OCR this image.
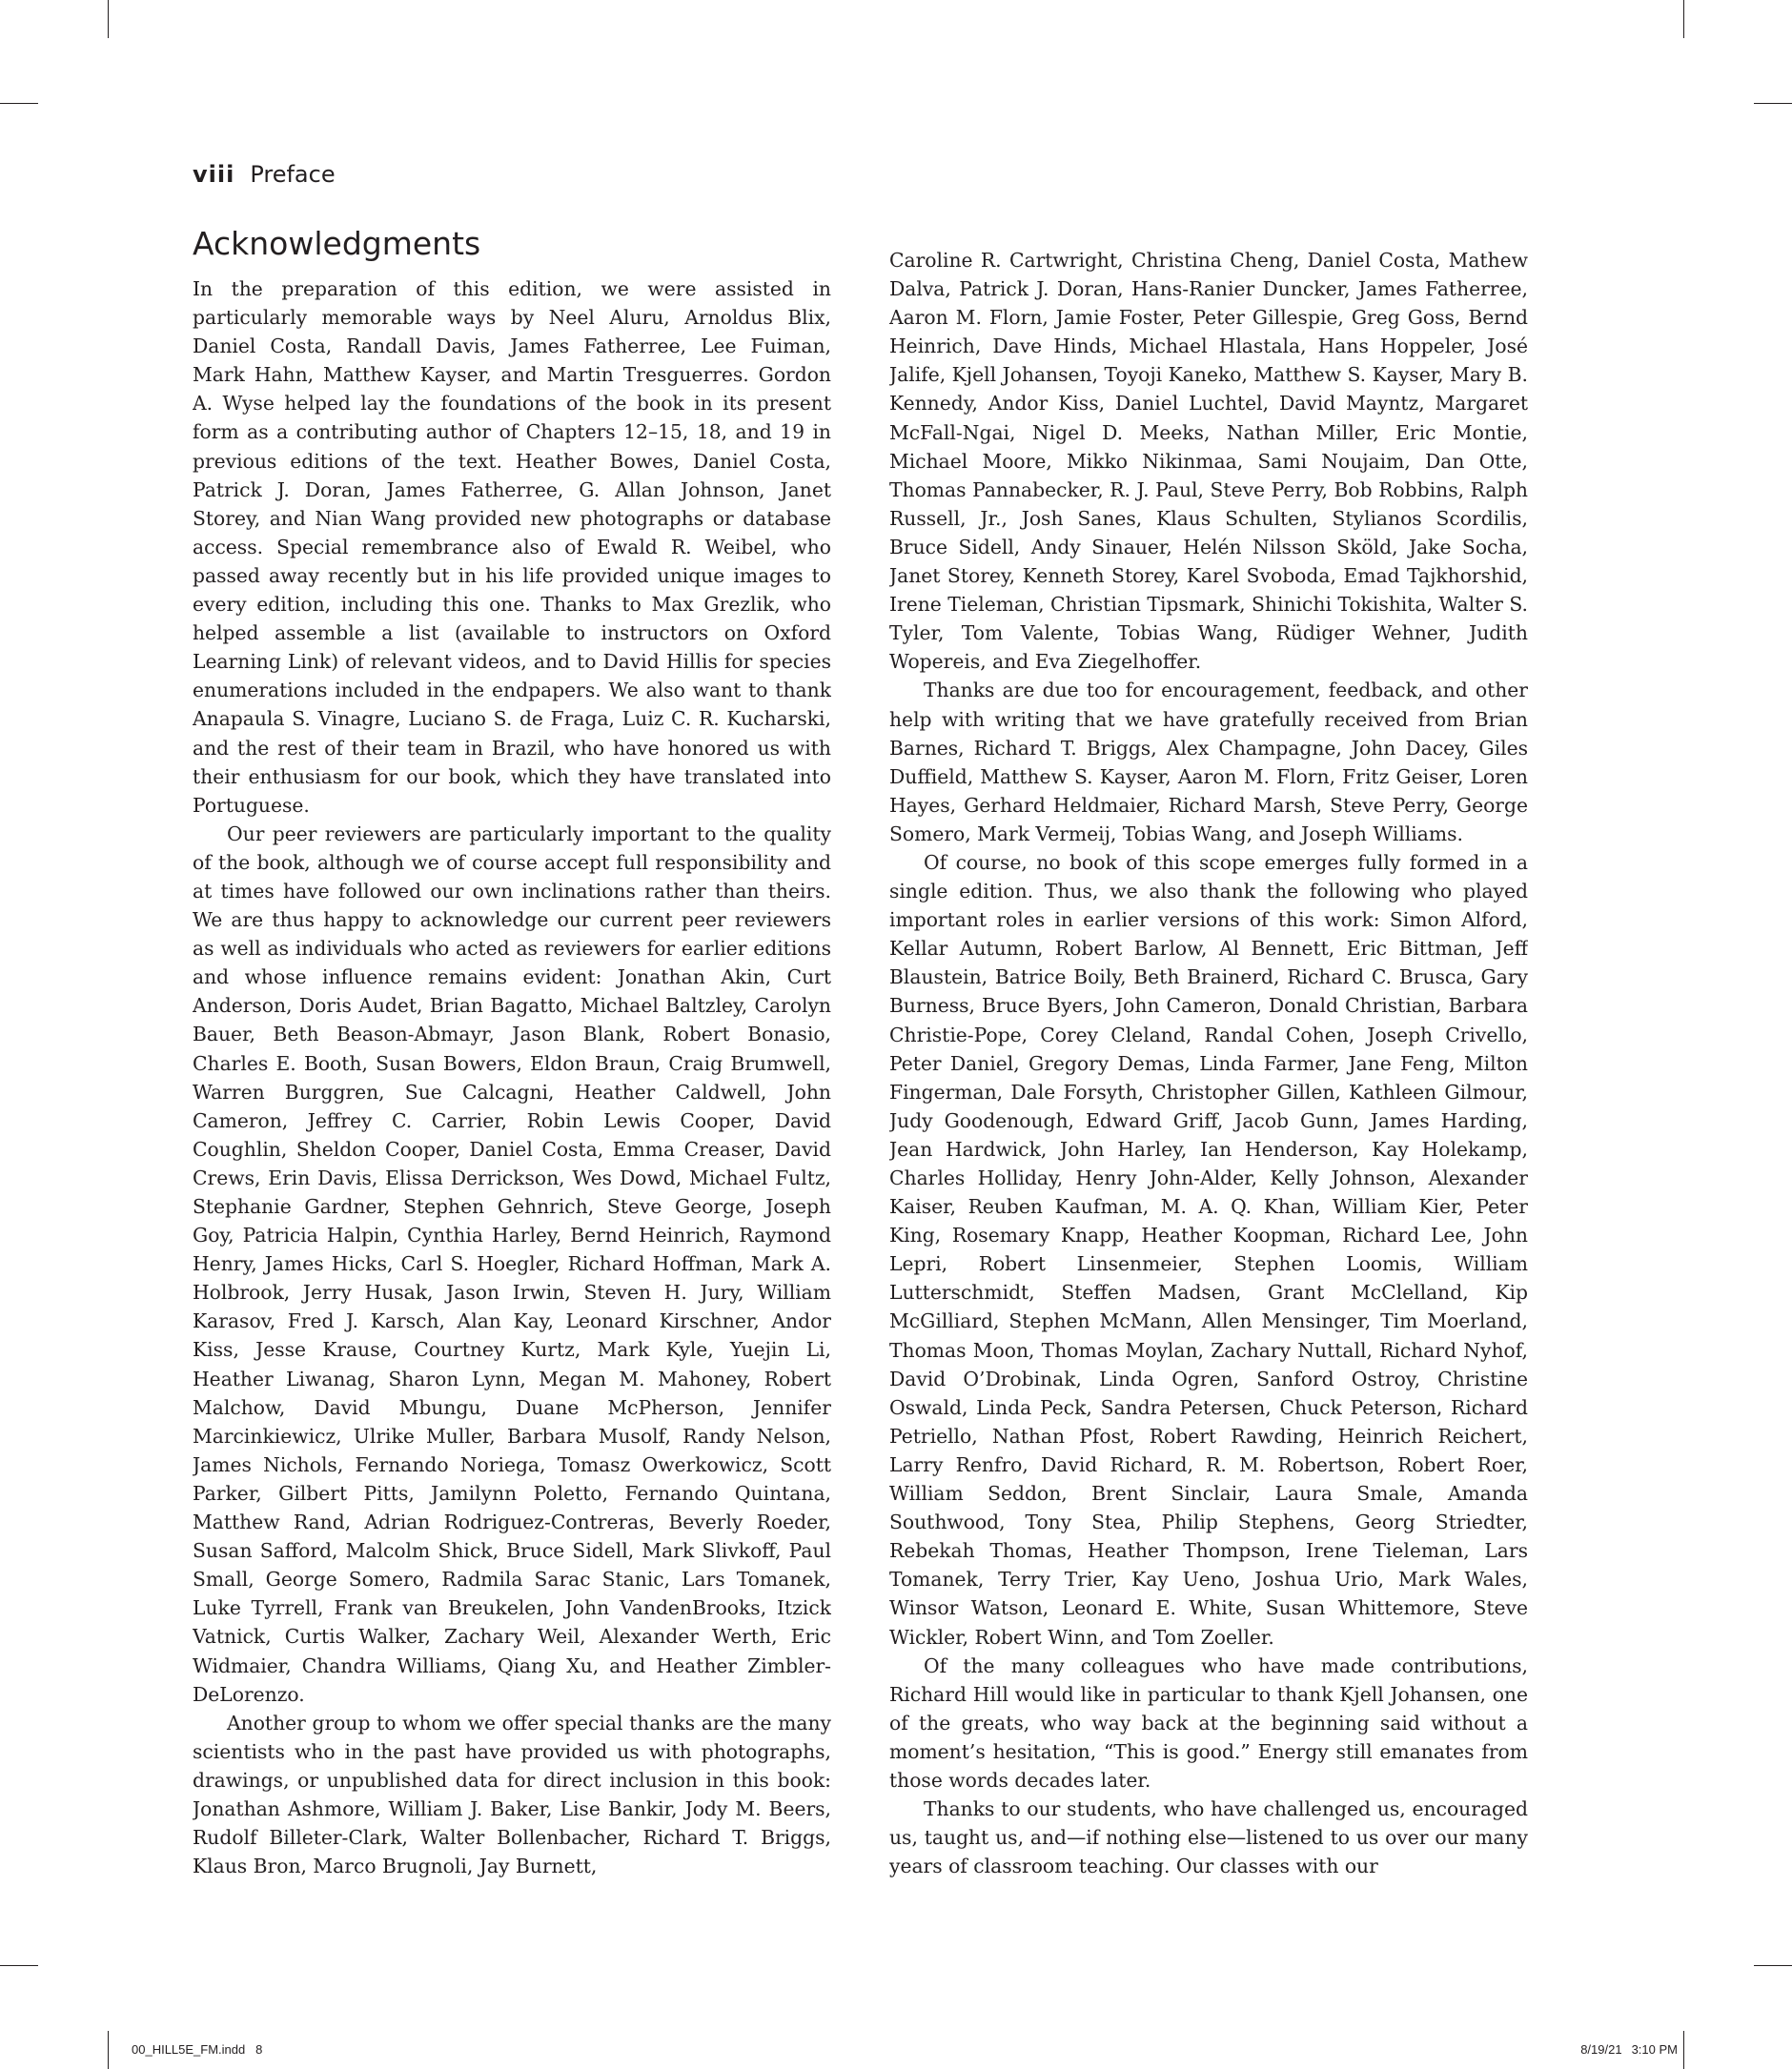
viii Preface
Acknowledgments

In the preparation of this edition, we were assisted in particularly memorable ways by Neel Aluru, Arnoldus Blix, Daniel Costa, Randall Davis, James Fatherree, Lee Fuiman, Mark Hahn, Matthew Kayser, and Martin Tresguerres. Gordon A. Wyse helped lay the foundations of the book in its present form as a contributing author of Chapters 12–15, 18, and 19 in previous editions of the text. Heather Bowes, Daniel Costa, Patrick J. Doran, James Fatherree, G. Allan Johnson, Janet Storey, and Nian Wang provided new photographs or database access. Special remembrance also of Ewald R. Weibel, who passed away recently but in his life provided unique images to every edition, including this one. Thanks to Max Grezlik, who helped assemble a list (available to instructors on Oxford Learning Link) of relevant videos, and to David Hillis for species enumerations included in the endpapers. We also want to thank Anapaula S. Vinagre, Luciano S. de Fraga, Luiz C. R. Kucharski, and the rest of their team in Brazil, who have honored us with their enthusiasm for our book, which they have translated into Portuguese.

Our peer reviewers are particularly important to the quality of the book, although we of course accept full responsibility and at times have followed our own inclinations rather than theirs. We are thus happy to acknowledge our current peer reviewers as well as individuals who acted as reviewers for earlier editions and whose influence remains evident: Jonathan Akin, Curt Anderson, Doris Audet, Brian Bagatto, Michael Baltzley, Carolyn Bauer, Beth Beason-Abmayr, Jason Blank, Robert Bonasio, Charles E. Booth, Susan Bowers, Eldon Braun, Craig Brumwell, Warren Burggren, Sue Calcagni, Heather Caldwell, John Cameron, Jeffrey C. Carrier, Robin Lewis Cooper, David Coughlin, Sheldon Cooper, Daniel Costa, Emma Creaser, David Crews, Erin Davis, Elissa Derrickson, Wes Dowd, Michael Fultz, Stephanie Gardner, Stephen Gehnrich, Steve George, Joseph Goy, Patricia Halpin, Cynthia Harley, Bernd Heinrich, Raymond Henry, James Hicks, Carl S. Hoegler, Richard Hoffman, Mark A. Holbrook, Jerry Husak, Jason Irwin, Steven H. Jury, William Karasov, Fred J. Karsch, Alan Kay, Leonard Kirschner, Andor Kiss, Jesse Krause, Courtney Kurtz, Mark Kyle, Yuejin Li, Heather Liwanag, Sharon Lynn, Megan M. Mahoney, Robert Malchow, David Mbungu, Duane McPherson, Jennifer Marcinkiewicz, Ulrike Muller, Barbara Musolf, Randy Nelson, James Nichols, Fernando Noriega, Tomasz Owerkowicz, Scott Parker, Gilbert Pitts, Jamilynn Poletto, Fernando Quintana, Matthew Rand, Adrian Rodriguez-Contreras, Beverly Roeder, Susan Safford, Malcolm Shick, Bruce Sidell, Mark Slivkoff, Paul Small, George Somero, Radmila Sarac Stanic, Lars Tomanek, Luke Tyrrell, Frank van Breukelen, John VandenBrooks, Itzick Vatnick, Curtis Walker, Zachary Weil, Alexander Werth, Eric Widmaier, Chandra Williams, Qiang Xu, and Heather Zimbler-DeLorenzo.

Another group to whom we offer special thanks are the many scientists who in the past have provided us with photographs, drawings, or unpublished data for direct inclusion in this book: Jonathan Ashmore, William J. Baker, Lise Bankir, Jody M. Beers, Rudolf Billeter-Clark, Walter Bollenbacher, Richard T. Briggs, Klaus Bron, Marco Brugnoli, Jay Burnett,

Caroline R. Cartwright, Christina Cheng, Daniel Costa, Mathew Dalva, Patrick J. Doran, Hans-Ranier Duncker, James Fatherree, Aaron M. Florn, Jamie Foster, Peter Gillespie, Greg Goss, Bernd Heinrich, Dave Hinds, Michael Hlastala, Hans Hoppeler, José Jalife, Kjell Johansen, Toyoji Kaneko, Matthew S. Kayser, Mary B. Kennedy, Andor Kiss, Daniel Luchtel, David Mayntz, Margaret McFall-Ngai, Nigel D. Meeks, Nathan Miller, Eric Montie, Michael Moore, Mikko Nikinmaa, Sami Noujaim, Dan Otte, Thomas Pannabecker, R. J. Paul, Steve Perry, Bob Robbins, Ralph Russell, Jr., Josh Sanes, Klaus Schulten, Stylianos Scordilis, Bruce Sidell, Andy Sinauer, Helén Nilsson Sköld, Jake Socha, Janet Storey, Kenneth Storey, Karel Svoboda, Emad Tajkhorshid, Irene Tieleman, Christian Tipsmark, Shinichi Tokishita, Walter S. Tyler, Tom Valente, Tobias Wang, Rüdiger Wehner, Judith Wopereis, and Eva Ziegelhoffer.

Thanks are due too for encouragement, feedback, and other help with writing that we have gratefully received from Brian Barnes, Richard T. Briggs, Alex Champagne, John Dacey, Giles Duffield, Matthew S. Kayser, Aaron M. Florn, Fritz Geiser, Loren Hayes, Gerhard Heldmaier, Richard Marsh, Steve Perry, George Somero, Mark Vermeij, Tobias Wang, and Joseph Williams.

Of course, no book of this scope emerges fully formed in a single edition. Thus, we also thank the following who played important roles in earlier versions of this work: Simon Alford, Kellar Autumn, Robert Barlow, Al Bennett, Eric Bittman, Jeff Blaustein, Batrice Boily, Beth Brainerd, Richard C. Brusca, Gary Burness, Bruce Byers, John Cameron, Donald Christian, Barbara Christie-Pope, Corey Cleland, Randal Cohen, Joseph Crivello, Peter Daniel, Gregory Demas, Linda Farmer, Jane Feng, Milton Fingerman, Dale Forsyth, Christopher Gillen, Kathleen Gilmour, Judy Goodenough, Edward Griff, Jacob Gunn, James Harding, Jean Hardwick, John Harley, Ian Henderson, Kay Holekamp, Charles Holliday, Henry John-Alder, Kelly Johnson, Alexander Kaiser, Reuben Kaufman, M. A. Q. Khan, William Kier, Peter King, Rosemary Knapp, Heather Koopman, Richard Lee, John Lepri, Robert Linsenmeier, Stephen Loomis, William Lutterschmidt, Steffen Madsen, Grant McClelland, Kip McGilliard, Stephen McMann, Allen Mensinger, Tim Moerland, Thomas Moon, Thomas Moylan, Zachary Nuttall, Richard Nyhof, David O’Drobinak, Linda Ogren, Sanford Ostroy, Christine Oswald, Linda Peck, Sandra Petersen, Chuck Peterson, Richard Petriello, Nathan Pfost, Robert Rawding, Heinrich Reichert, Larry Renfro, David Richard, R. M. Robertson, Robert Roer, William Seddon, Brent Sinclair, Laura Smale, Amanda Southwood, Tony Stea, Philip Stephens, Georg Striedter, Rebekah Thomas, Heather Thompson, Irene Tieleman, Lars Tomanek, Terry Trier, Kay Ueno, Joshua Urio, Mark Wales, Winsor Watson, Leonard E. White, Susan Whittemore, Steve Wickler, Robert Winn, and Tom Zoeller.

Of the many colleagues who have made contributions, Richard Hill would like in particular to thank Kjell Johansen, one of the greats, who way back at the beginning said without a moment’s hesitation, “This is good.” Energy still emanates from those words decades later.

Thanks to our students, who have challenged us, encouraged us, taught us, and—if nothing else—listened to us over our many years of classroom teaching. Our classes with our

00_HILL5E_FM.indd   8	8/19/21 3:10 PM
